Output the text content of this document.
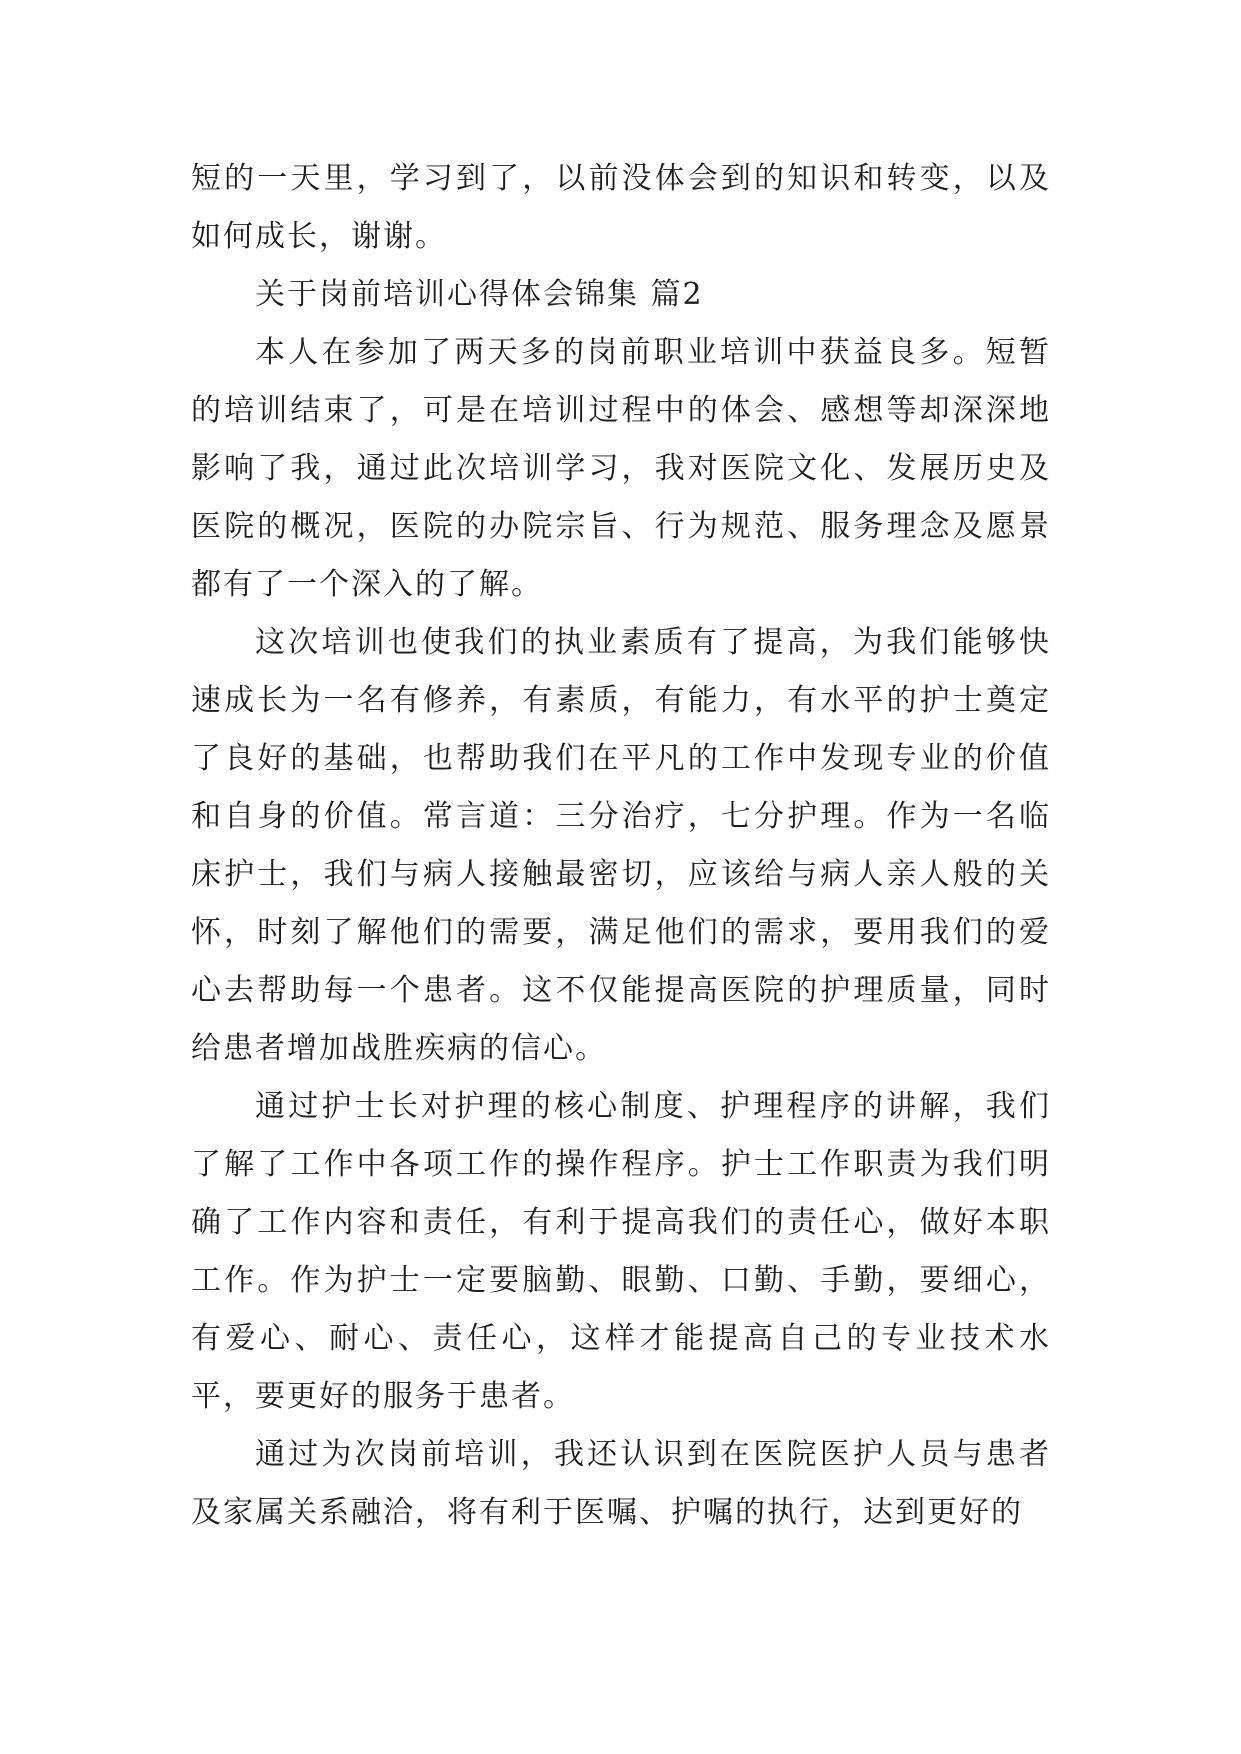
短的一天里，学习到了，以前没体会到的知识和转变，以及如何成长，谢谢。

关于岗前培训心得体会锦集 篇2

本人在参加了两天多的岗前职业培训中获益良多。短暂的培训结束了，可是在培训过程中的体会、感想等却深深地影响了我，通过此次培训学习，我对医院文化、发展历史及医院的概况，医院的办院宗旨、行为规范、服务理念及愿景都有了一个深入的了解。

这次培训也使我们的执业素质有了提高，为我们能够快速成长为一名有修养，有素质，有能力，有水平的护士奠定了良好的基础，也帮助我们在平凡的工作中发现专业的价值和自身的价值。常言道：三分治疗，七分护理。作为一名临床护士，我们与病人接触最密切，应该给与病人亲人般的关怀，时刻了解他们的需要，满足他们的需求，要用我们的爱心去帮助每一个患者。这不仅能提高医院的护理质量，同时给患者增加战胜疾病的信心。

通过护士长对护理的核心制度、护理程序的讲解，我们了解了工作中各项工作的操作程序。护士工作职责为我们明确了工作内容和责任，有利于提高我们的责任心，做好本职工作。作为护士一定要脑勤、眼勤、口勤、手勤，要细心，有爱心、耐心、责任心，这样才能提高自己的专业技术水平，要更好的服务于患者。

通过为次岗前培训，我还认识到在医院医护人员与患者及家属关系融洽，将有利于医嘱、护嘱的执行，达到更好的
